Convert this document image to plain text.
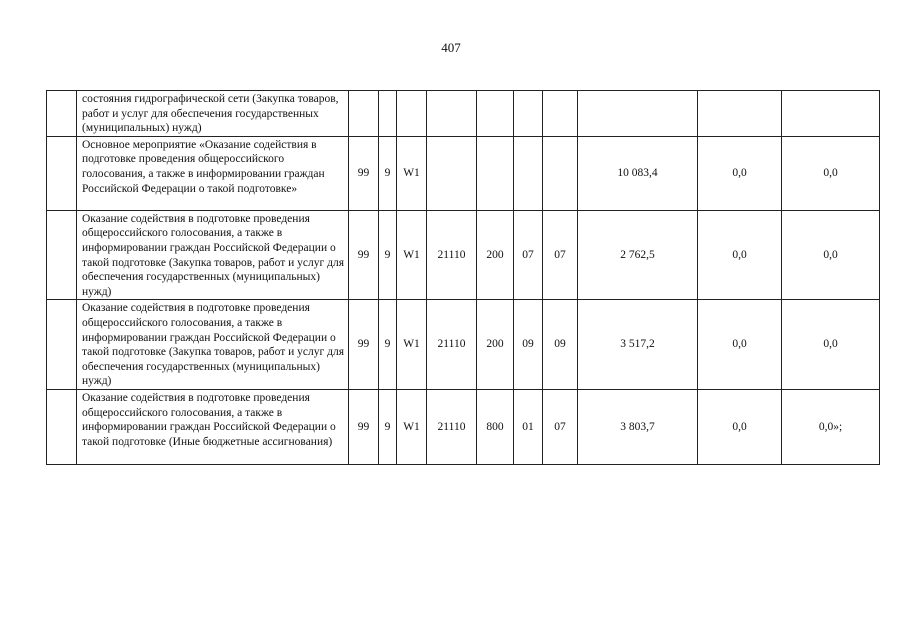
407
	состояния гидрографической сети (Закупка товаров, работ и услуг для обеспечения государственных (муниципальных) нужд)										
	Основное мероприятие «Оказание содействия в подготовке проведения общероссийского голосования, а также в информировании граждан Российской Федерации о такой подготовке»	99	9	W1					10 083,4	0,0	0,0
	Оказание содействия в подготовке проведения общероссийского голосования, а также в информировании граждан Российской Федерации о такой подготовке (Закупка товаров, работ и услуг для обеспечения государственных (муниципальных) нужд)	99	9	W1	21110	200	07	07	2 762,5	0,0	0,0
	Оказание содействия в подготовке проведения общероссийского голосования, а также в информировании граждан Российской Федерации о такой подготовке (Закупка товаров, работ и услуг для обеспечения государственных (муниципальных) нужд)	99	9	W1	21110	200	09	09	3 517,2	0,0	0,0
	Оказание содействия в подготовке проведения общероссийского голосования, а также в информировании граждан Российской Федерации о такой подготовке (Иные бюджетные ассигнования)	99	9	W1	21110	800	01	07	3 803,7	0,0	0,0»;
